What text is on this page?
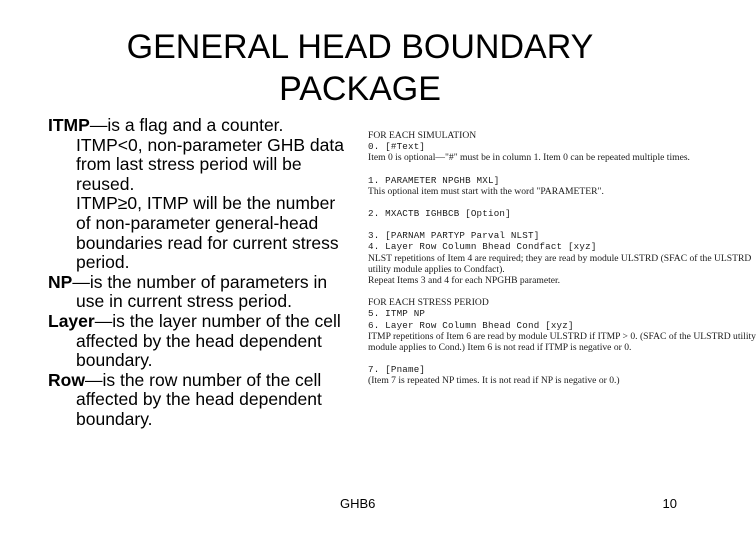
GENERAL HEAD BOUNDARY
PACKAGE

ITMP—is a flag and a counter.

ITMP<0, non-parameter GHB data from last stress period will be reused.

ITMP≥0, ITMP will be the number of non-parameter general-head boundaries read for current stress period.

NP—is the number of parameters in use in current stress period.

Layer—is the layer number of the cell affected by the head dependent boundary.

Row—is the row number of the cell affected by the head dependent boundary.

FOR EACH SIMULATION

0. [#Text]

Item 0 is optional—"#" must be in column 1. Item 0 can be repeated multiple times.

1. PARAMETER NPGHB MXL]

This optional item must start with the word "PARAMETER".

2. MXACTB IGHBCB [Option]

3. [PARNAM PARTYP Parval NLST]

4. Layer Row Column Bhead Condfact [xyz]

NLST repetitions of Item 4 are required; they are read by module ULSTRD (SFAC of the ULSTRD

utility module applies to Condfact).

Repeat Items 3 and 4 for each NPGHB parameter.

FOR EACH STRESS PERIOD

5. ITMP NP

6. Layer Row Column Bhead Cond [xyz]

ITMP repetitions of Item 6 are read by module ULSTRD if ITMP > 0. (SFAC of the ULSTRD utility

module applies to Cond.) Item 6 is not read if ITMP is negative or 0.

7. [Pname]

(Item 7 is repeated NP times. It is not read if NP is negative or 0.)

GHB6	10
